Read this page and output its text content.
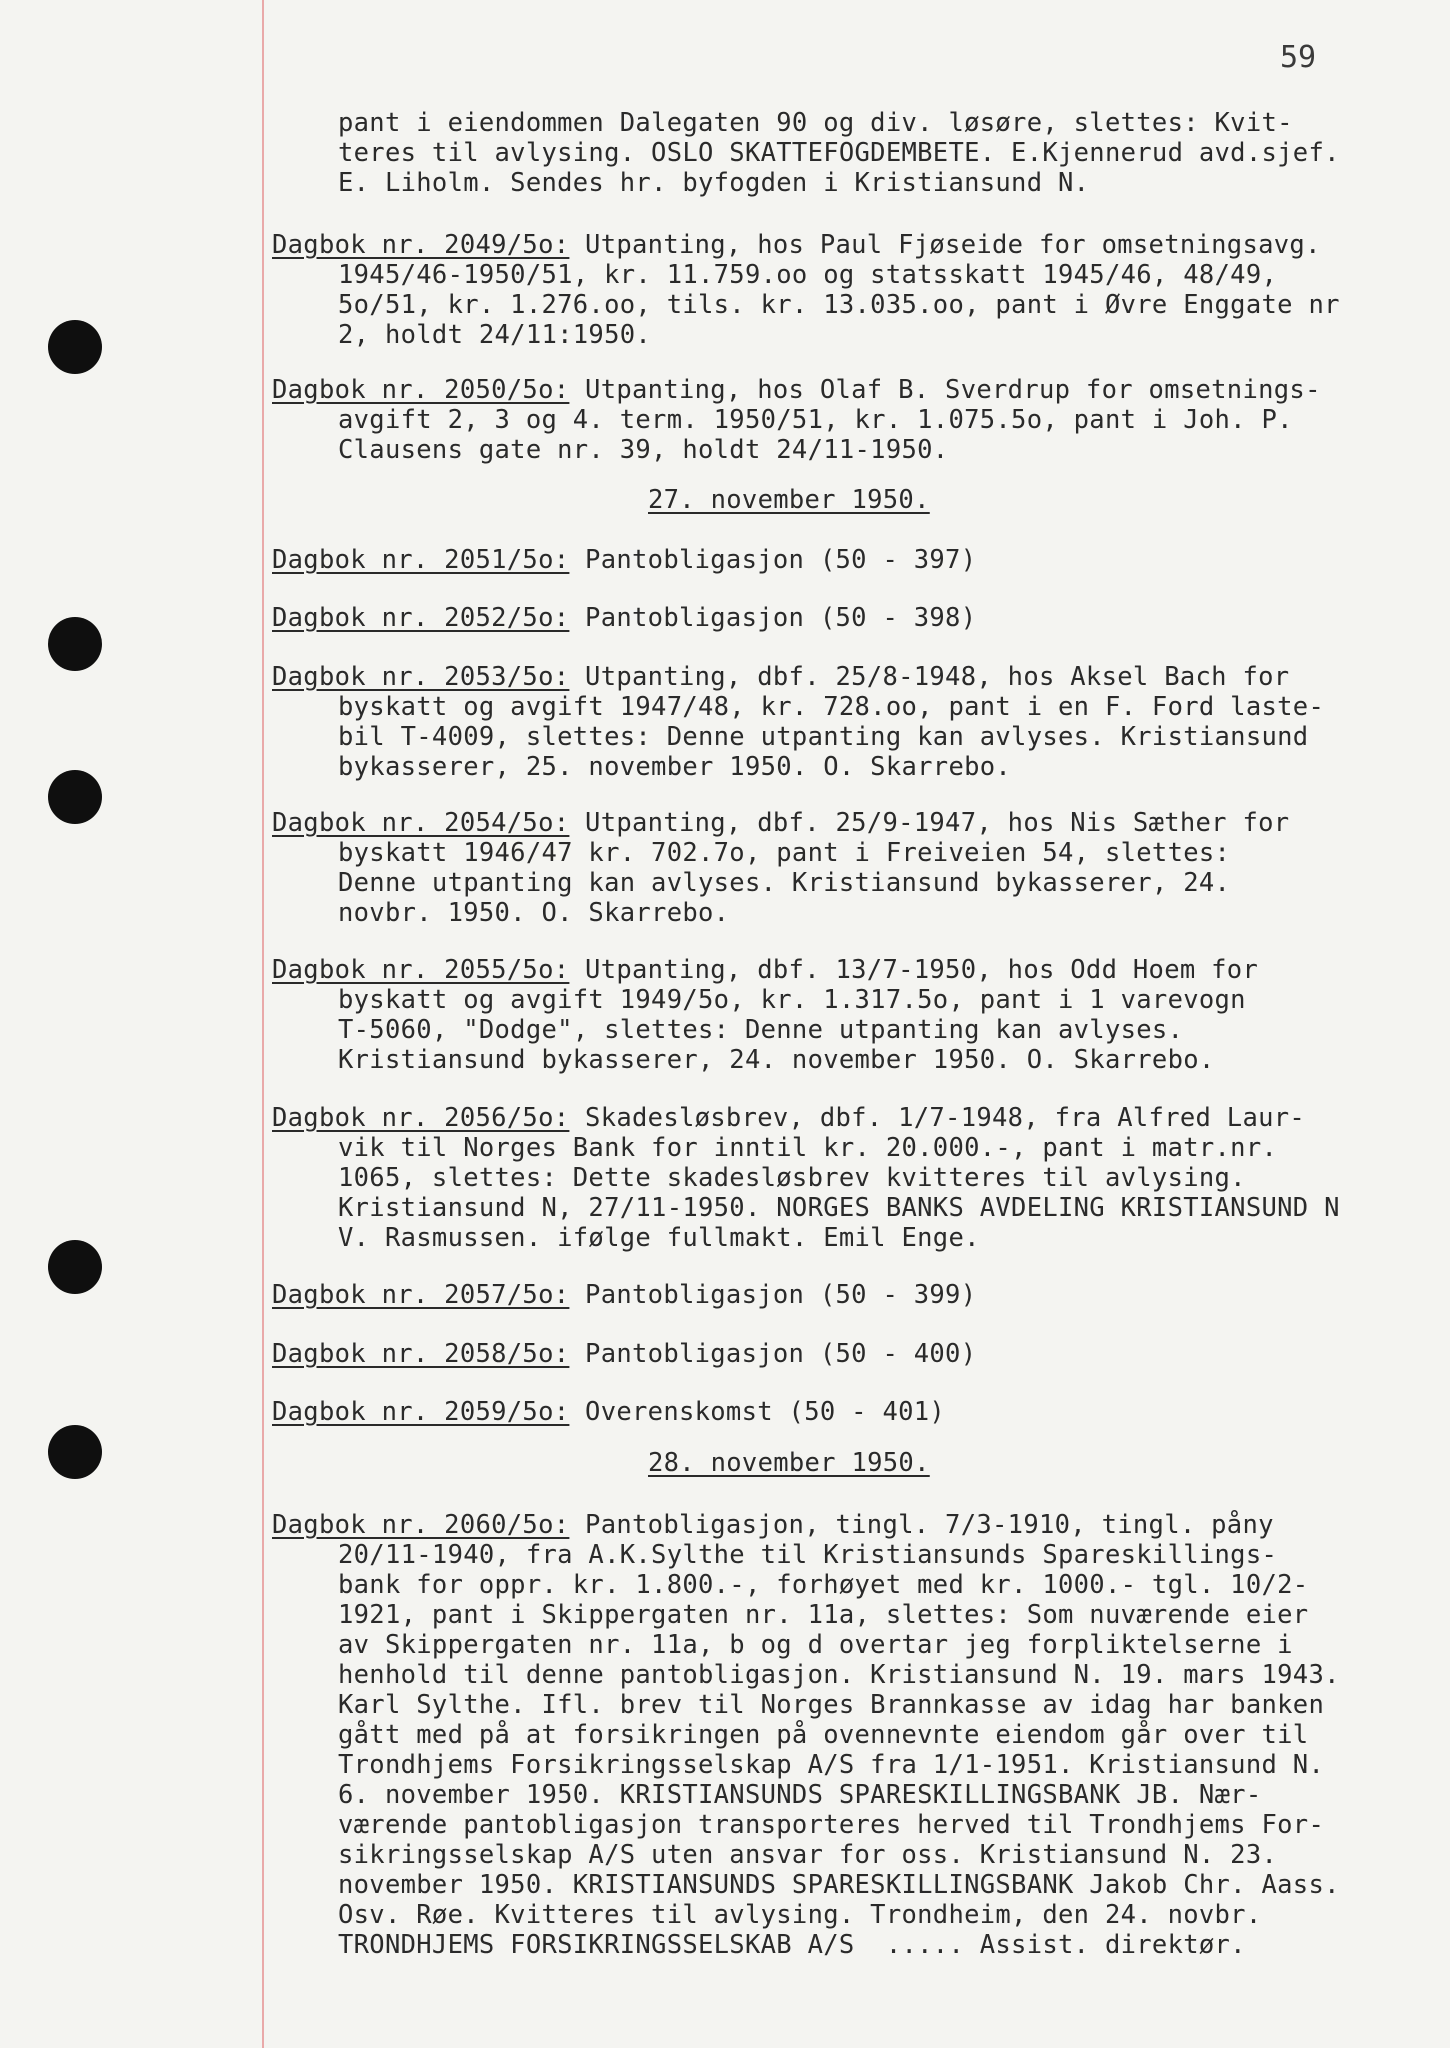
59
pant i eiendommen Dalegaten 90 og div. løsøre, slettes: Kvit-
teres til avlysing. OSLO SKATTEFOGDEMBETE. E.Kjennerud avd.sjef.
E. Liholm. Sendes hr. byfogden i Kristiansund N.
Dagbok nr. 2049/5o: Utpanting, hos Paul Fjøseide for omsetningsavg.
1945/46-1950/51, kr. 11.759.oo og statsskatt 1945/46, 48/49,
5o/51, kr. 1.276.oo, tils. kr. 13.035.oo, pant i Øvre Enggate nr
2, holdt 24/11:1950.
Dagbok nr. 2050/5o: Utpanting, hos Olaf B. Sverdrup for omsetnings-
avgift 2, 3 og 4. term. 1950/51, kr. 1.075.5o, pant i Joh. P.
Clausens gate nr. 39, holdt 24/11-1950.
27. november 1950.
Dagbok nr. 2051/5o: Pantobligasjon (50 - 397)
Dagbok nr. 2052/5o: Pantobligasjon (50 - 398)
Dagbok nr. 2053/5o: Utpanting, dbf. 25/8-1948, hos Aksel Bach for
byskatt og avgift 1947/48, kr. 728.oo, pant i en F. Ford laste-
bil T-4009, slettes: Denne utpanting kan avlyses. Kristiansund
bykasserer, 25. november 1950. O. Skarrebo.
Dagbok nr. 2054/5o: Utpanting, dbf. 25/9-1947, hos Nis Sæther for
byskatt 1946/47 kr. 702.7o, pant i Freiveien 54, slettes:
Denne utpanting kan avlyses. Kristiansund bykasserer, 24.
novbr. 1950. O. Skarrebo.
Dagbok nr. 2055/5o: Utpanting, dbf. 13/7-1950, hos Odd Hoem for
byskatt og avgift 1949/5o, kr. 1.317.5o, pant i 1 varevogn
T-5060, "Dodge", slettes: Denne utpanting kan avlyses.
Kristiansund bykasserer, 24. november 1950. O. Skarrebo.
Dagbok nr. 2056/5o: Skadesløsbrev, dbf. 1/7-1948, fra Alfred Laur-
vik til Norges Bank for inntil kr. 20.000.-, pant i matr.nr.
1065, slettes: Dette skadesløsbrev kvitteres til avlysing.
Kristiansund N, 27/11-1950. NORGES BANKS AVDELING KRISTIANSUND N
V. Rasmussen. ifølge fullmakt. Emil Enge.
Dagbok nr. 2057/5o: Pantobligasjon (50 - 399)
Dagbok nr. 2058/5o: Pantobligasjon (50 - 400)
Dagbok nr. 2059/5o: Overenskomst (50 - 401)
28. november 1950.
Dagbok nr. 2060/5o: Pantobligasjon, tingl. 7/3-1910, tingl. påny
20/11-1940, fra A.K.Sylthe til Kristiansunds Spareskillings-
bank for oppr. kr. 1.800.-, forhøyet med kr. 1000.- tgl. 10/2-
1921, pant i Skippergaten nr. 11a, slettes: Som nuværende eier
av Skippergaten nr. 11a, b og d overtar jeg forpliktelserne i
henhold til denne pantobligasjon. Kristiansund N. 19. mars 1943.
Karl Sylthe. Ifl. brev til Norges Brannkasse av idag har banken
gått med på at forsikringen på ovennevnte eiendom går over til
Trondhjems Forsikringsselskap A/S fra 1/1-1951. Kristiansund N.
6. november 1950. KRISTIANSUNDS SPARESKILLINGSBANK JB. Nær-
værende pantobligasjon transporteres herved til Trondhjems For-
sikringsselskap A/S uten ansvar for oss. Kristiansund N. 23.
november 1950. KRISTIANSUNDS SPARESKILLINGSBANK Jakob Chr. Aass.
Osv. Røe. Kvitteres til avlysing. Trondheim, den 24. novbr.
TRONDHJEMS FORSIKRINGSSELSKAB A/S  ..... Assist. direktør.
